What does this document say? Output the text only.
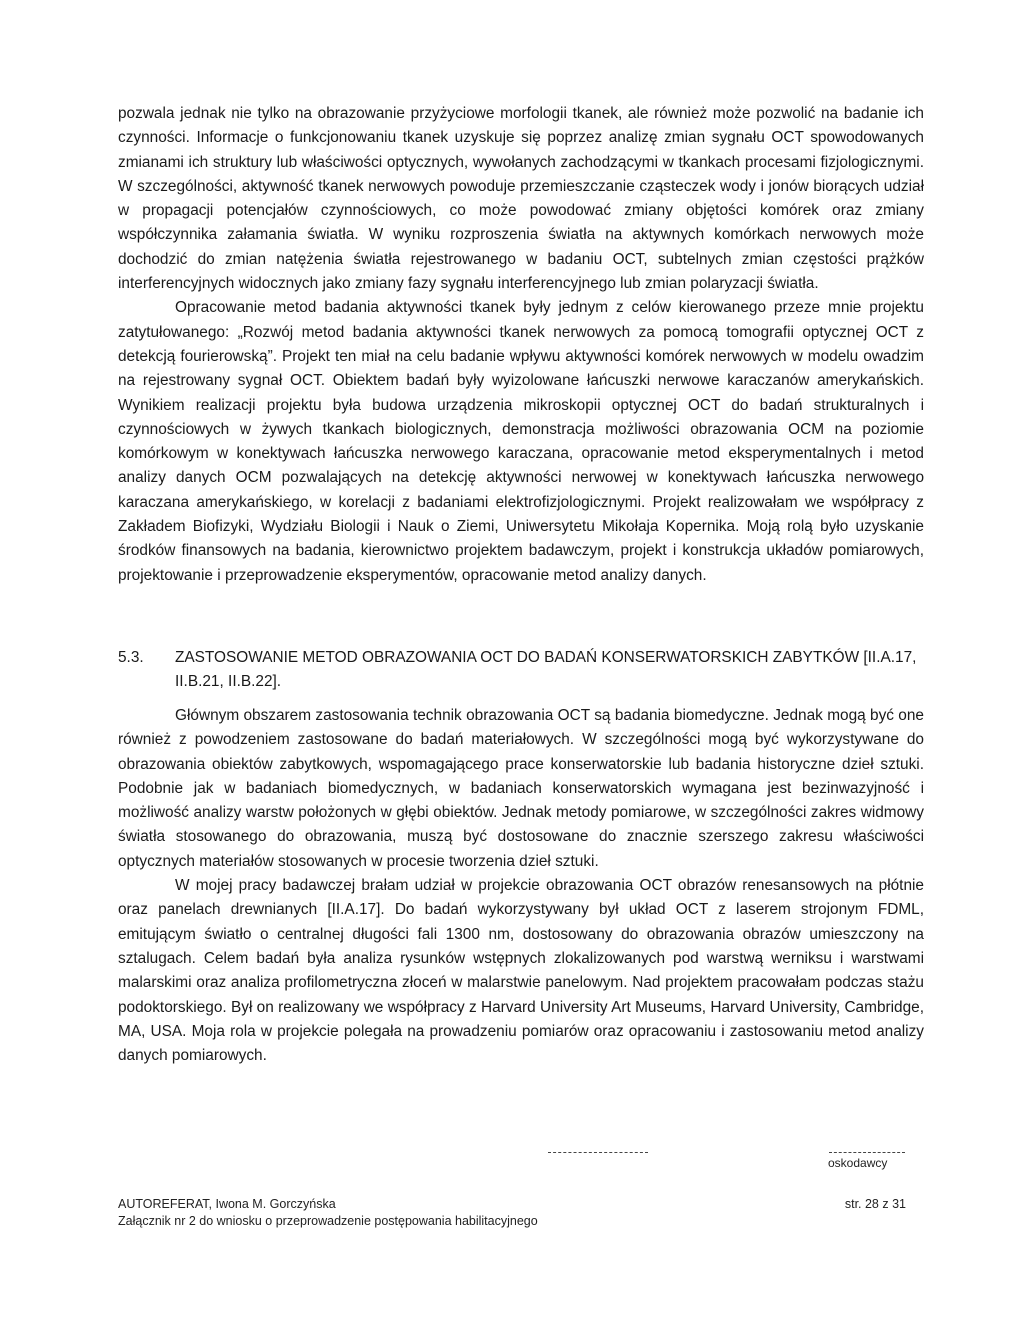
pozwala jednak nie tylko na obrazowanie przyżyciowe morfologii tkanek, ale również może pozwolić na badanie ich czynności. Informacje o funkcjonowaniu tkanek uzyskuje się poprzez analizę zmian sygnału OCT spowodowanych zmianami ich struktury lub właściwości optycznych, wywołanych zachodzącymi w tkankach procesami fizjologicznymi. W szczególności, aktywność tkanek nerwowych powoduje przemieszczanie cząsteczek wody i jonów biorących udział w propagacji potencjałów czynnościowych, co może powodować zmiany objętości komórek oraz zmiany współczynnika załamania światła. W wyniku rozproszenia światła na aktywnych komórkach nerwowych może dochodzić do zmian natężenia światła rejestrowanego w badaniu OCT, subtelnych zmian częstości prążków interferencyjnych widocznych jako zmiany fazy sygnału interferencyjnego lub zmian polaryzacji światła.

Opracowanie metod badania aktywności tkanek były jednym z celów kierowanego przeze mnie projektu zatytułowanego: „Rozwój metod badania aktywności tkanek nerwowych za pomocą tomografii optycznej OCT z detekcją fourierowską”. Projekt ten miał na celu badanie wpływu aktywności komórek nerwowych w modelu owadzim na rejestrowany sygnał OCT. Obiektem badań były wyizolowane łańcuszki nerwowe karaczanów amerykańskich. Wynikiem realizacji projektu była budowa urządzenia mikroskopii optycznej OCT do badań strukturalnych i czynnościowych w żywych tkankach biologicznych, demonstracja możliwości obrazowania OCM na poziomie komórkowym w konektywach łańcuszka nerwowego karaczana, opracowanie metod eksperymentalnych i metod analizy danych OCM pozwalających na detekcję aktywności nerwowej w konektywach łańcuszka nerwowego karaczana amerykańskiego, w korelacji z badaniami elektrofizjologicznymi. Projekt realizowałam we współpracy z Zakładem Biofizyki, Wydziału Biologii i Nauk o Ziemi, Uniwersytetu Mikołaja Kopernika. Moją rolą było uzyskanie środków finansowych na badania, kierownictwo projektem badawczym, projekt i konstrukcja układów pomiarowych, projektowanie i przeprowadzenie eksperymentów, opracowanie metod analizy danych.

5.3. ZASTOSOWANIE METOD OBRAZOWANIA OCT DO BADAŃ KONSERWATORSKICH ZABYTKÓW [II.A.17, II.B.21, II.B.22].

Głównym obszarem zastosowania technik obrazowania OCT są badania biomedyczne. Jednak mogą być one również z powodzeniem zastosowane do badań materiałowych. W szczególności mogą być wykorzystywane do obrazowania obiektów zabytkowych, wspomagającego prace konserwatorskie lub badania historyczne dzieł sztuki. Podobnie jak w badaniach biomedycznych, w badaniach konserwatorskich wymagana jest bezinwazyjność i możliwość analizy warstw położonych w głębi obiektów. Jednak metody pomiarowe, w szczególności zakres widmowy światła stosowanego do obrazowania, muszą być dostosowane do znacznie szerszego zakresu właściwości optycznych materiałów stosowanych w procesie tworzenia dzieł sztuki.

W mojej pracy badawczej brałam udział w projekcie obrazowania OCT obrazów renesansowych na płótnie oraz panelach drewnianych [II.A.17]. Do badań wykorzystywany był układ OCT z laserem strojonym FDML, emitującym światło o centralnej długości fali 1300 nm, dostosowany do obrazowania obrazów umieszczony na sztalugach. Celem badań była analiza rysunków wstępnych zlokalizowanych pod warstwą werniksu i warstwami malarskimi oraz analiza profilometryczna złoceń w malarstwie panelowym. Nad projektem pracowałam podczas stażu podoktorskiego. Był on realizowany we współpracy z Harvard University Art Museums, Harvard University, Cambridge, MA, USA. Moja rola w projekcie polegała na prowadzeniu pomiarów oraz opracowaniu i zastosowaniu metod analizy danych pomiarowych.

oskodawcy
AUTOREFERAT, Iwona M. Gorczyńska
Załącznik nr 2 do wniosku o przeprowadzenie postępowania habilitacyjnego
str. 28 z 31
